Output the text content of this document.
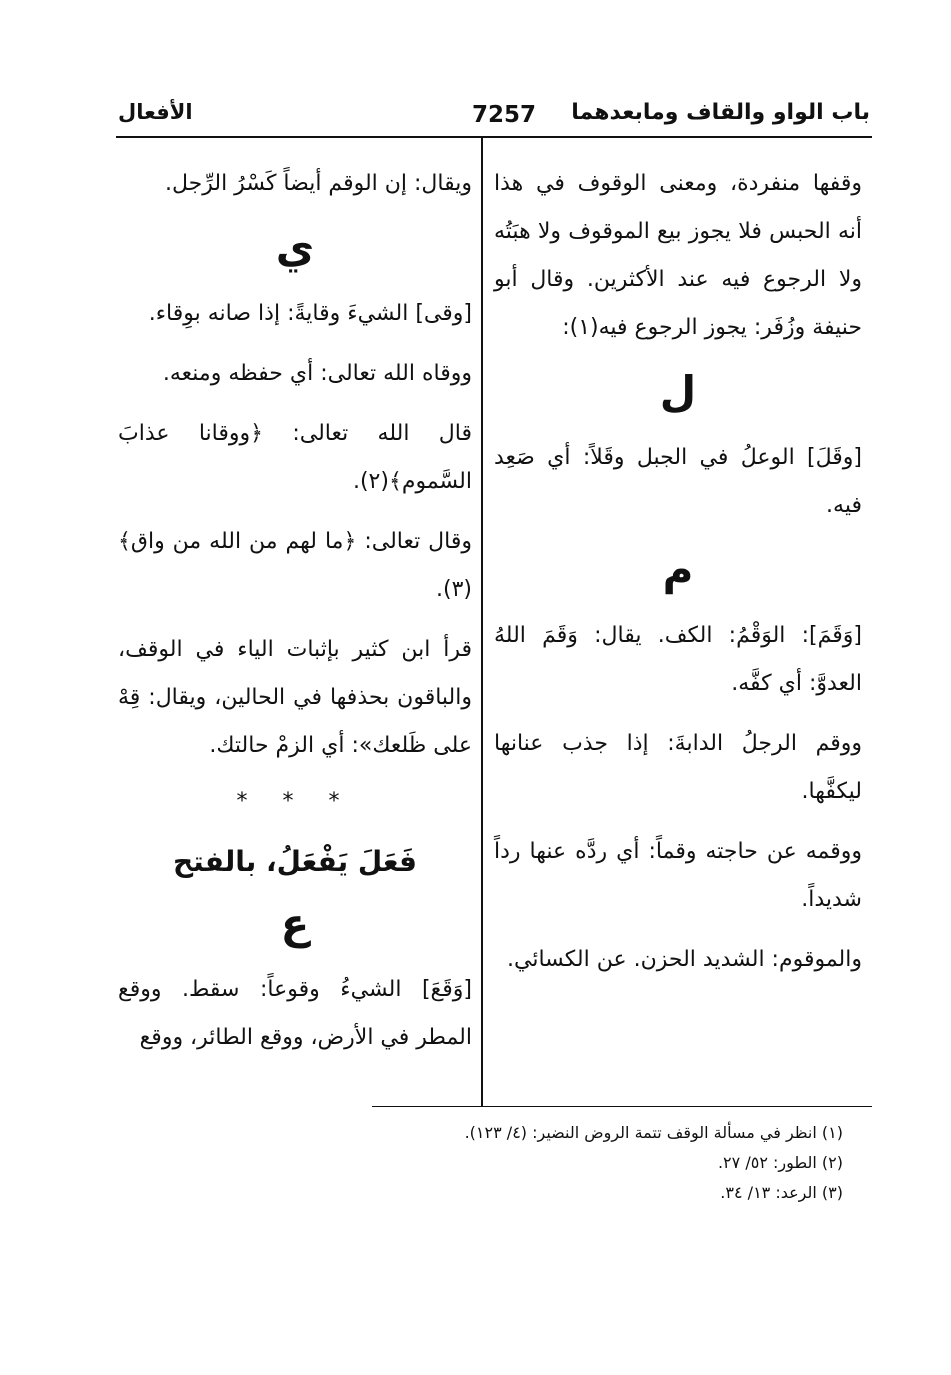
باب الواو والقاف ومابعدهما
7257
الأفعال

وقفها منفردة، ومعنى الوقوف في هذا أنه الحبس فلا يجوز بيع الموقوف ولا هبَتُه ولا الرجوع فيه عند الأكثرين. وقال أبو حنيفة وزُفَر: يجوز الرجوع فيه(١):

ل

[وقَلَ] الوعلُ في الجبل وقَلاً: أي صَعِد فيه.

م

[وَقَمَ]: الوَقْمُ: الكف. يقال: وَقَمَ اللهُ العدوَّ: أي كفَّه.

ووقم الرجلُ الدابةَ: إذا جذب عنانها ليكفَّها.

ووقمه عن حاجته وقماً: أي ردَّه عنها رداً شديداً.

والموقوم: الشديد الحزن. عن الكسائي.

ويقال: إن الوقم أيضاً كَسْرُ الرِّجل.

ي

[وقى] الشيءَ وقايةً: إذا صانه بوِقاء.

ووقاه الله تعالى: أي حفظه ومنعه.

قال الله تعالى: ﴿ووقانا عذابَ السَّموم﴾(٢).

وقال تعالى: ﴿ما لهم من الله من واق﴾(٣).

قرأ ابن كثير بإثبات الياء في الوقف، والباقون بحذفها في الحالين، ويقال: قِهْ على ظَلعك»: أي الزمْ حالتك.

* * *
فَعَلَ يَفْعَلُ، بالفتح
ع

[وَقَعَ] الشيءُ وقوعاً: سقط. ووقع المطر في الأرض، ووقع الطائر، ووقع

(١) انظر في مسألة الوقف تتمة الروض النضير: (٤/ ١٢٣).

(٢) الطور: ٥٢/ ٢٧.

(٣) الرعد: ١٣/ ٣٤.
